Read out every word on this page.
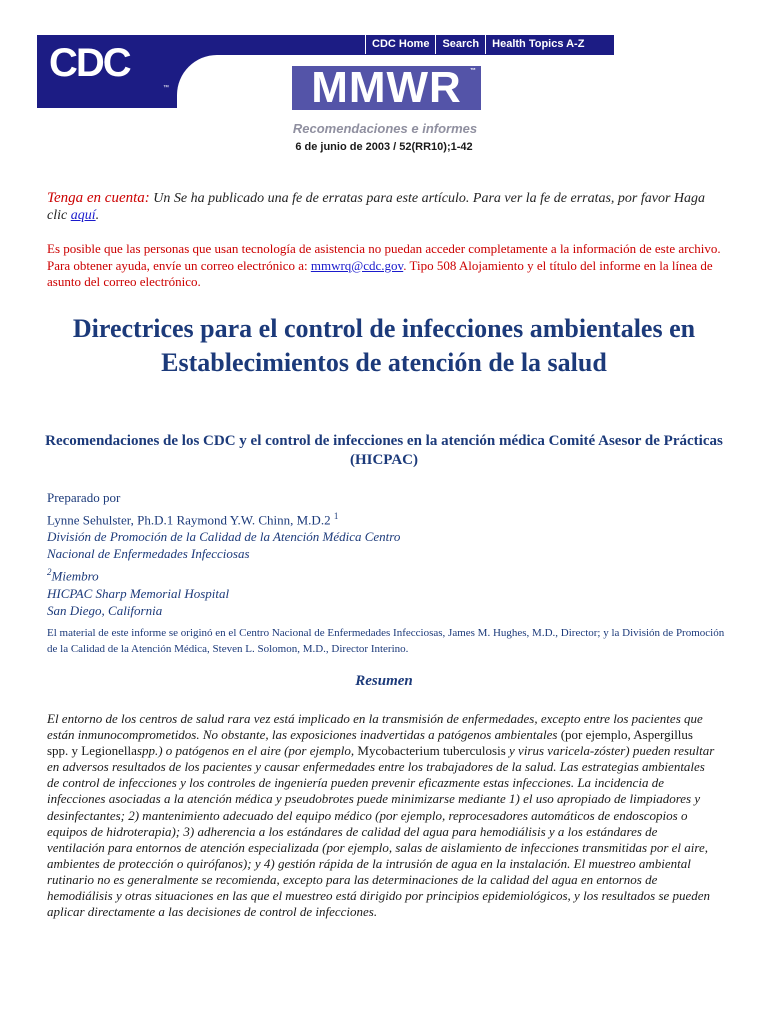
CDC
™
CDC Home	Search	Health Topics A-Z
MMWR ™
Recomendaciones e informes
6 de junio de 2003 / 52(RR10);1-42
Tenga en cuenta: Un Se ha publicado una fe de erratas para este artículo. Para ver la fe de erratas, por favor Haga clic aquí.
Es posible que las personas que usan tecnología de asistencia no puedan acceder completamente a la información de este archivo. Para obtener ayuda, envíe un correo electrónico a: mmwrq@cdc.gov. Tipo 508 Alojamiento y el título del informe en la línea de asunto del correo electrónico.
Directrices para el control de infecciones ambientales en Establecimientos de atención de la salud
Recomendaciones de los CDC y el control de infecciones en la atención médica Comité Asesor de Prácticas (HICPAC)
Preparado por
Lynne Sehulster, Ph.D.1 Raymond Y.W. Chinn, M.D.2 $^1$
División de Promoción de la Calidad de la Atención Médica Centro
Nacional de Enfermedades Infecciosas
$^2$Miembro
HICPAC Sharp Memorial Hospital
San Diego, California
El material de este informe se originó en el Centro Nacional de Enfermedades Infecciosas, James M. Hughes, M.D., Director; y la División de Promoción de la Calidad de la Atención Médica, Steven L. Solomon, M.D., Director Interino.
Resumen
El entorno de los centros de salud rara vez está implicado en la transmisión de enfermedades, excepto entre los pacientes que están inmunocomprometidos. No obstante, las exposiciones inadvertidas a patógenos ambientales (por ejemplo, Aspergillus spp. y Legionellaspp.) o patógenos en el aire (por ejemplo, Mycobacterium tuberculosis y virus varicela-zóster) pueden resultar en adversos resultados de los pacientes y causar enfermedades entre los trabajadores de la salud. Las estrategias ambientales de control de infecciones y los controles de ingeniería pueden prevenir eficazmente estas infecciones. La incidencia de infecciones asociadas a la atención médica y pseudobrotes puede minimizarse mediante 1) el uso apropiado de limpiadores y desinfectantes; 2) mantenimiento adecuado del equipo médico (por ejemplo, reprocesadores automáticos de endoscopios o equipos de hidroterapia); 3) adherencia a los estándares de calidad del agua para hemodiálisis y a los estándares de ventilación para entornos de atención especializada (por ejemplo, salas de aislamiento de infecciones transmitidas por el aire, ambientes de protección o quirófanos); y 4) gestión rápida de la intrusión de agua en la instalación. El muestreo ambiental rutinario no es generalmente se recomienda, excepto para las determinaciones de la calidad del agua en entornos de hemodiálisis y otras situaciones en las que el muestreo está dirigido por principios epidemiológicos, y los resultados se pueden aplicar directamente a las decisiones de control de infecciones.
